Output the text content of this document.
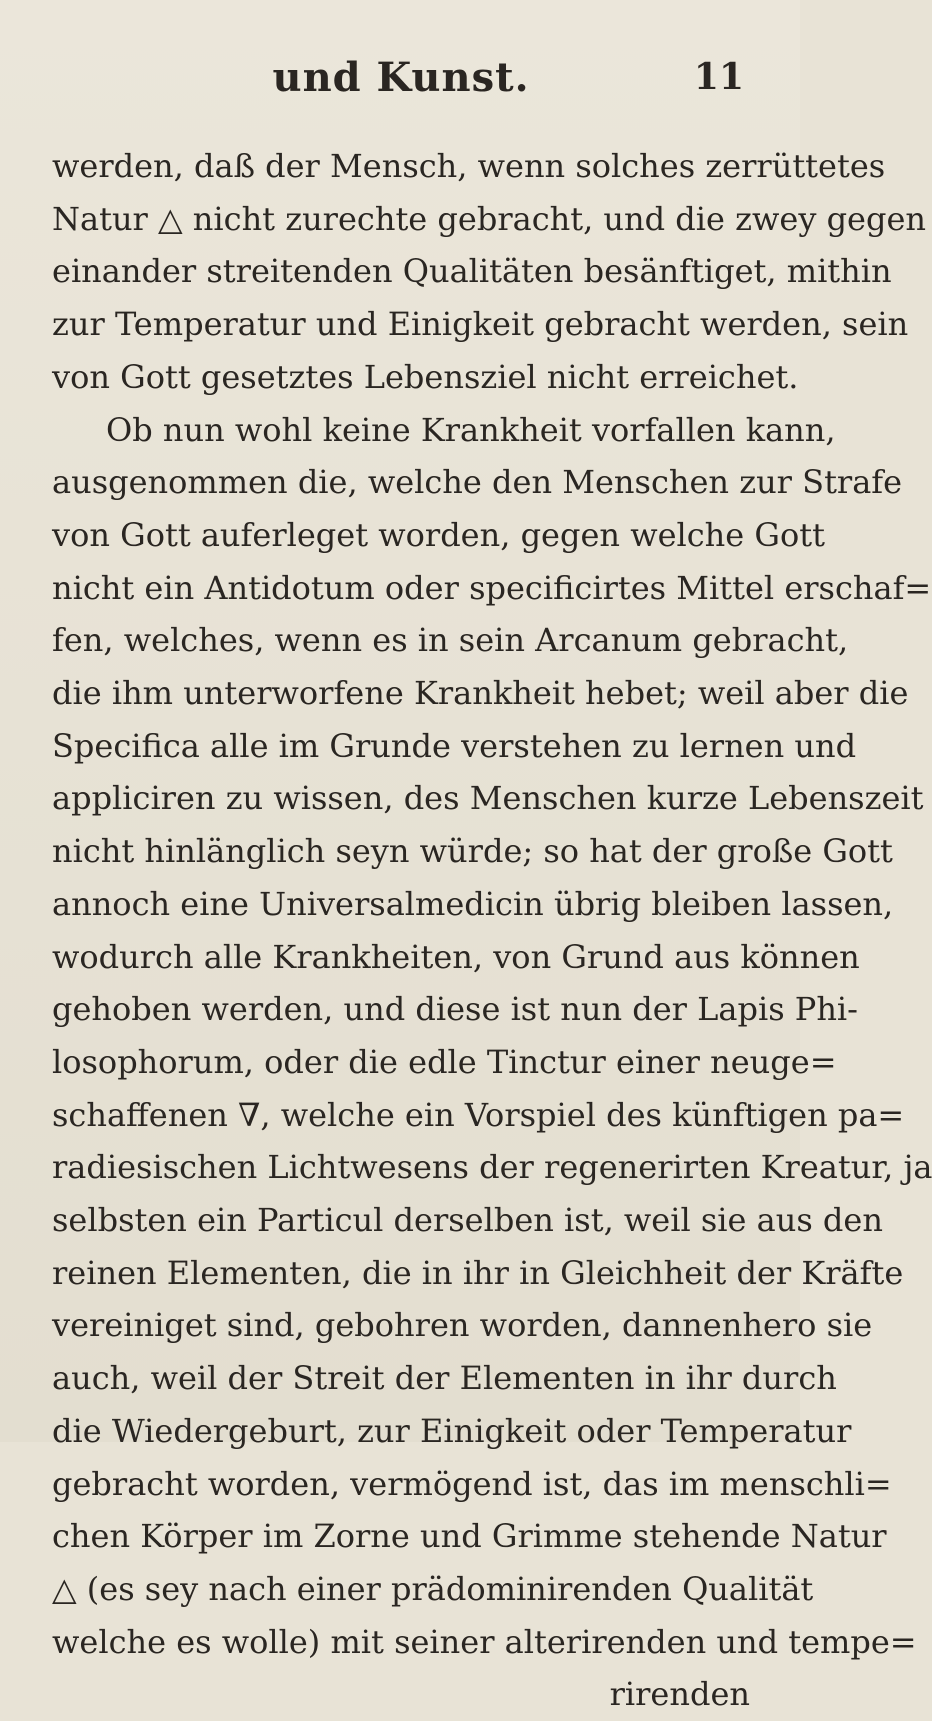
und Kunst.	11
werden, daß der Mensch, wenn solches zerrüttetes
Natur △ nicht zurechte gebracht, und die zwey gegen
einander streitenden Qualitäten besänftiget, mithin
zur Temperatur und Einigkeit gebracht werden, sein
von Gott gesetztes Lebensziel nicht erreichet.
Ob nun wohl keine Krankheit vorfallen kann,
ausgenommen die, welche den Menschen zur Strafe
von Gott auferleget worden, gegen welche Gott
nicht ein Antidotum oder specificirtes Mittel erschaf=
fen, welches, wenn es in sein Arcanum gebracht,
die ihm unterworfene Krankheit hebet; weil aber die
Specifica alle im Grunde verstehen zu lernen und
appliciren zu wissen, des Menschen kurze Lebenszeit
nicht hinlänglich seyn würde; so hat der große Gott
annoch eine Universalmedicin übrig bleiben lassen,
wodurch alle Krankheiten, von Grund aus können
gehoben werden, und diese ist nun der Lapis Phi-
losophorum, oder die edle Tinctur einer neuge=
schaffenen ∇, welche ein Vorspiel des künftigen pa=
radiesischen Lichtwesens der regenerirten Kreatur, ja
selbsten ein Particul derselben ist, weil sie aus den
reinen Elementen, die in ihr in Gleichheit der Kräfte
vereiniget sind, gebohren worden, dannenhero sie
auch, weil der Streit der Elementen in ihr durch
die Wiedergeburt, zur Einigkeit oder Temperatur
gebracht worden, vermögend ist, das im menschli=
chen Körper im Zorne und Grimme stehende Natur
△ (es sey nach einer prädominirenden Qualität
welche es wolle) mit seiner alterirenden und tempe=
rirenden
